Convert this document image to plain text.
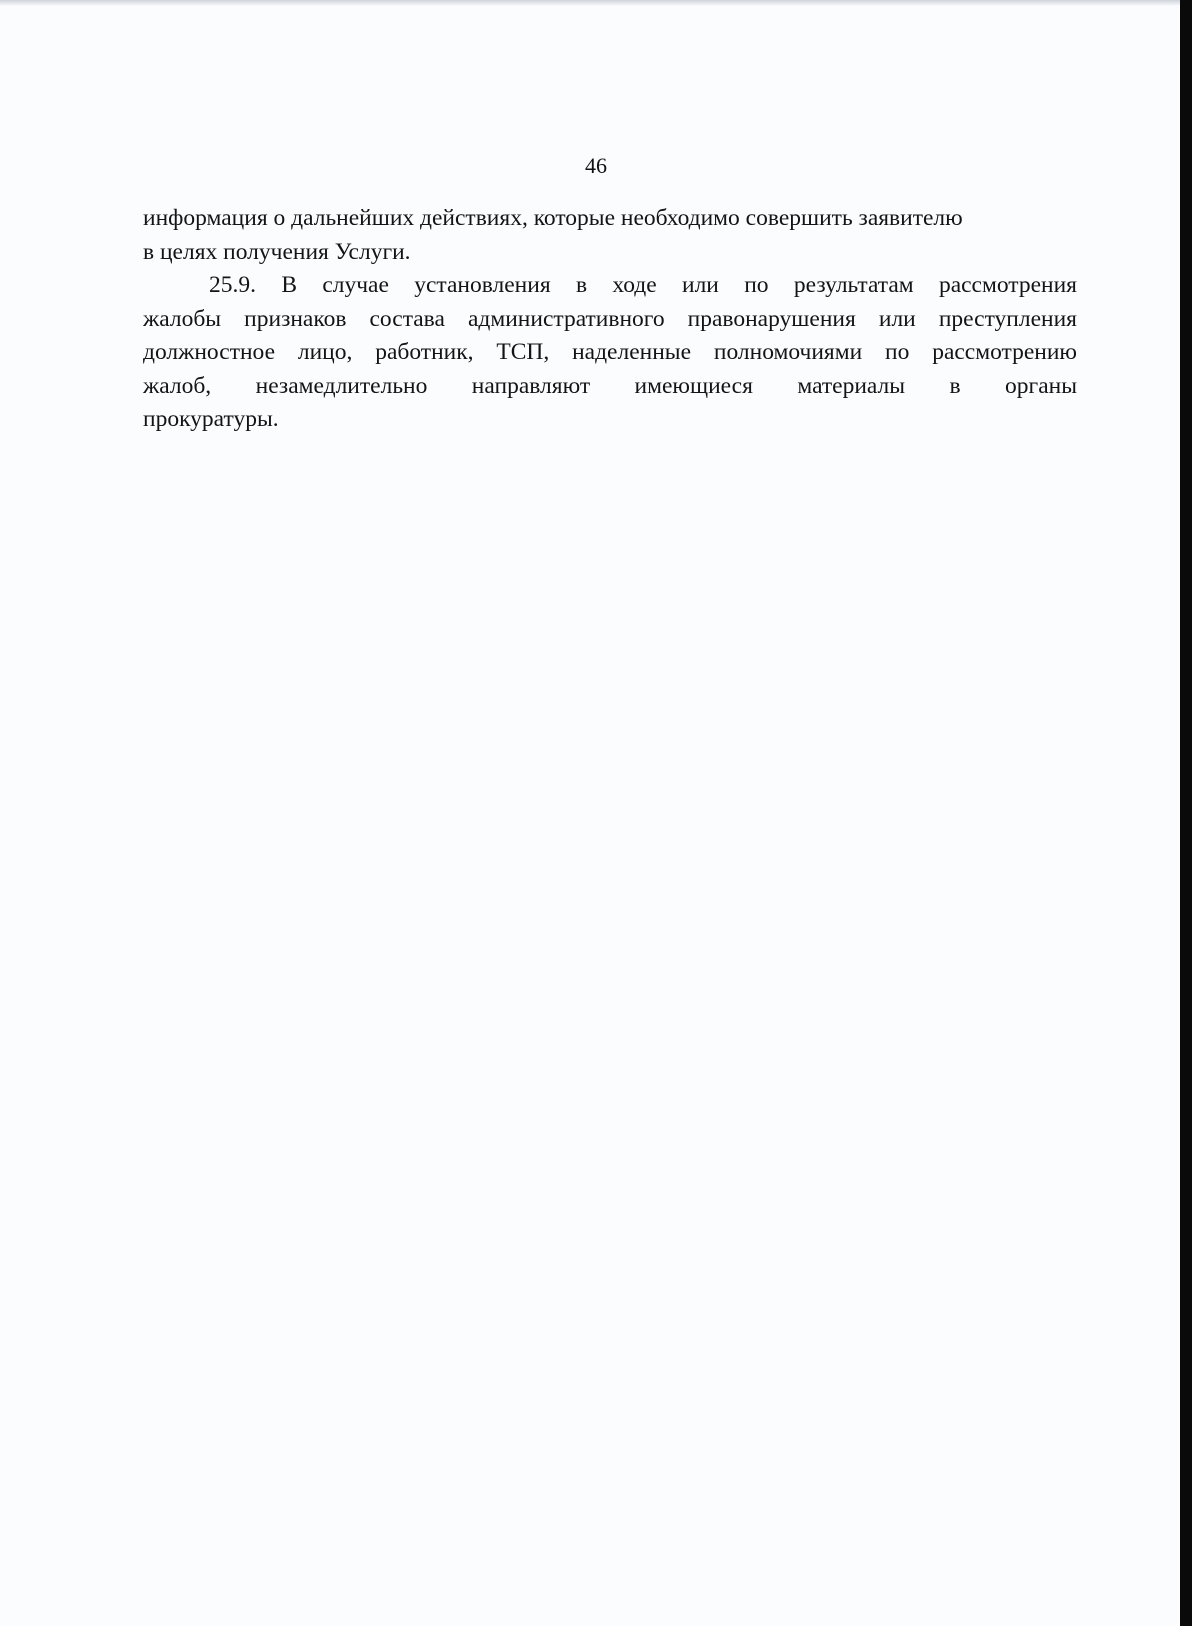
46
информация о дальнейших действиях, которые необходимо совершить заявителю
в целях получения Услуги.
25.9. В случае установления в ходе или по результатам рассмотрения
жалобы признаков состава административного правонарушения или преступления
должностное лицо, работник, ТСП, наделенные полномочиями по рассмотрению
жалоб, незамедлительно направляют имеющиеся материалы в органы
прокуратуры.
